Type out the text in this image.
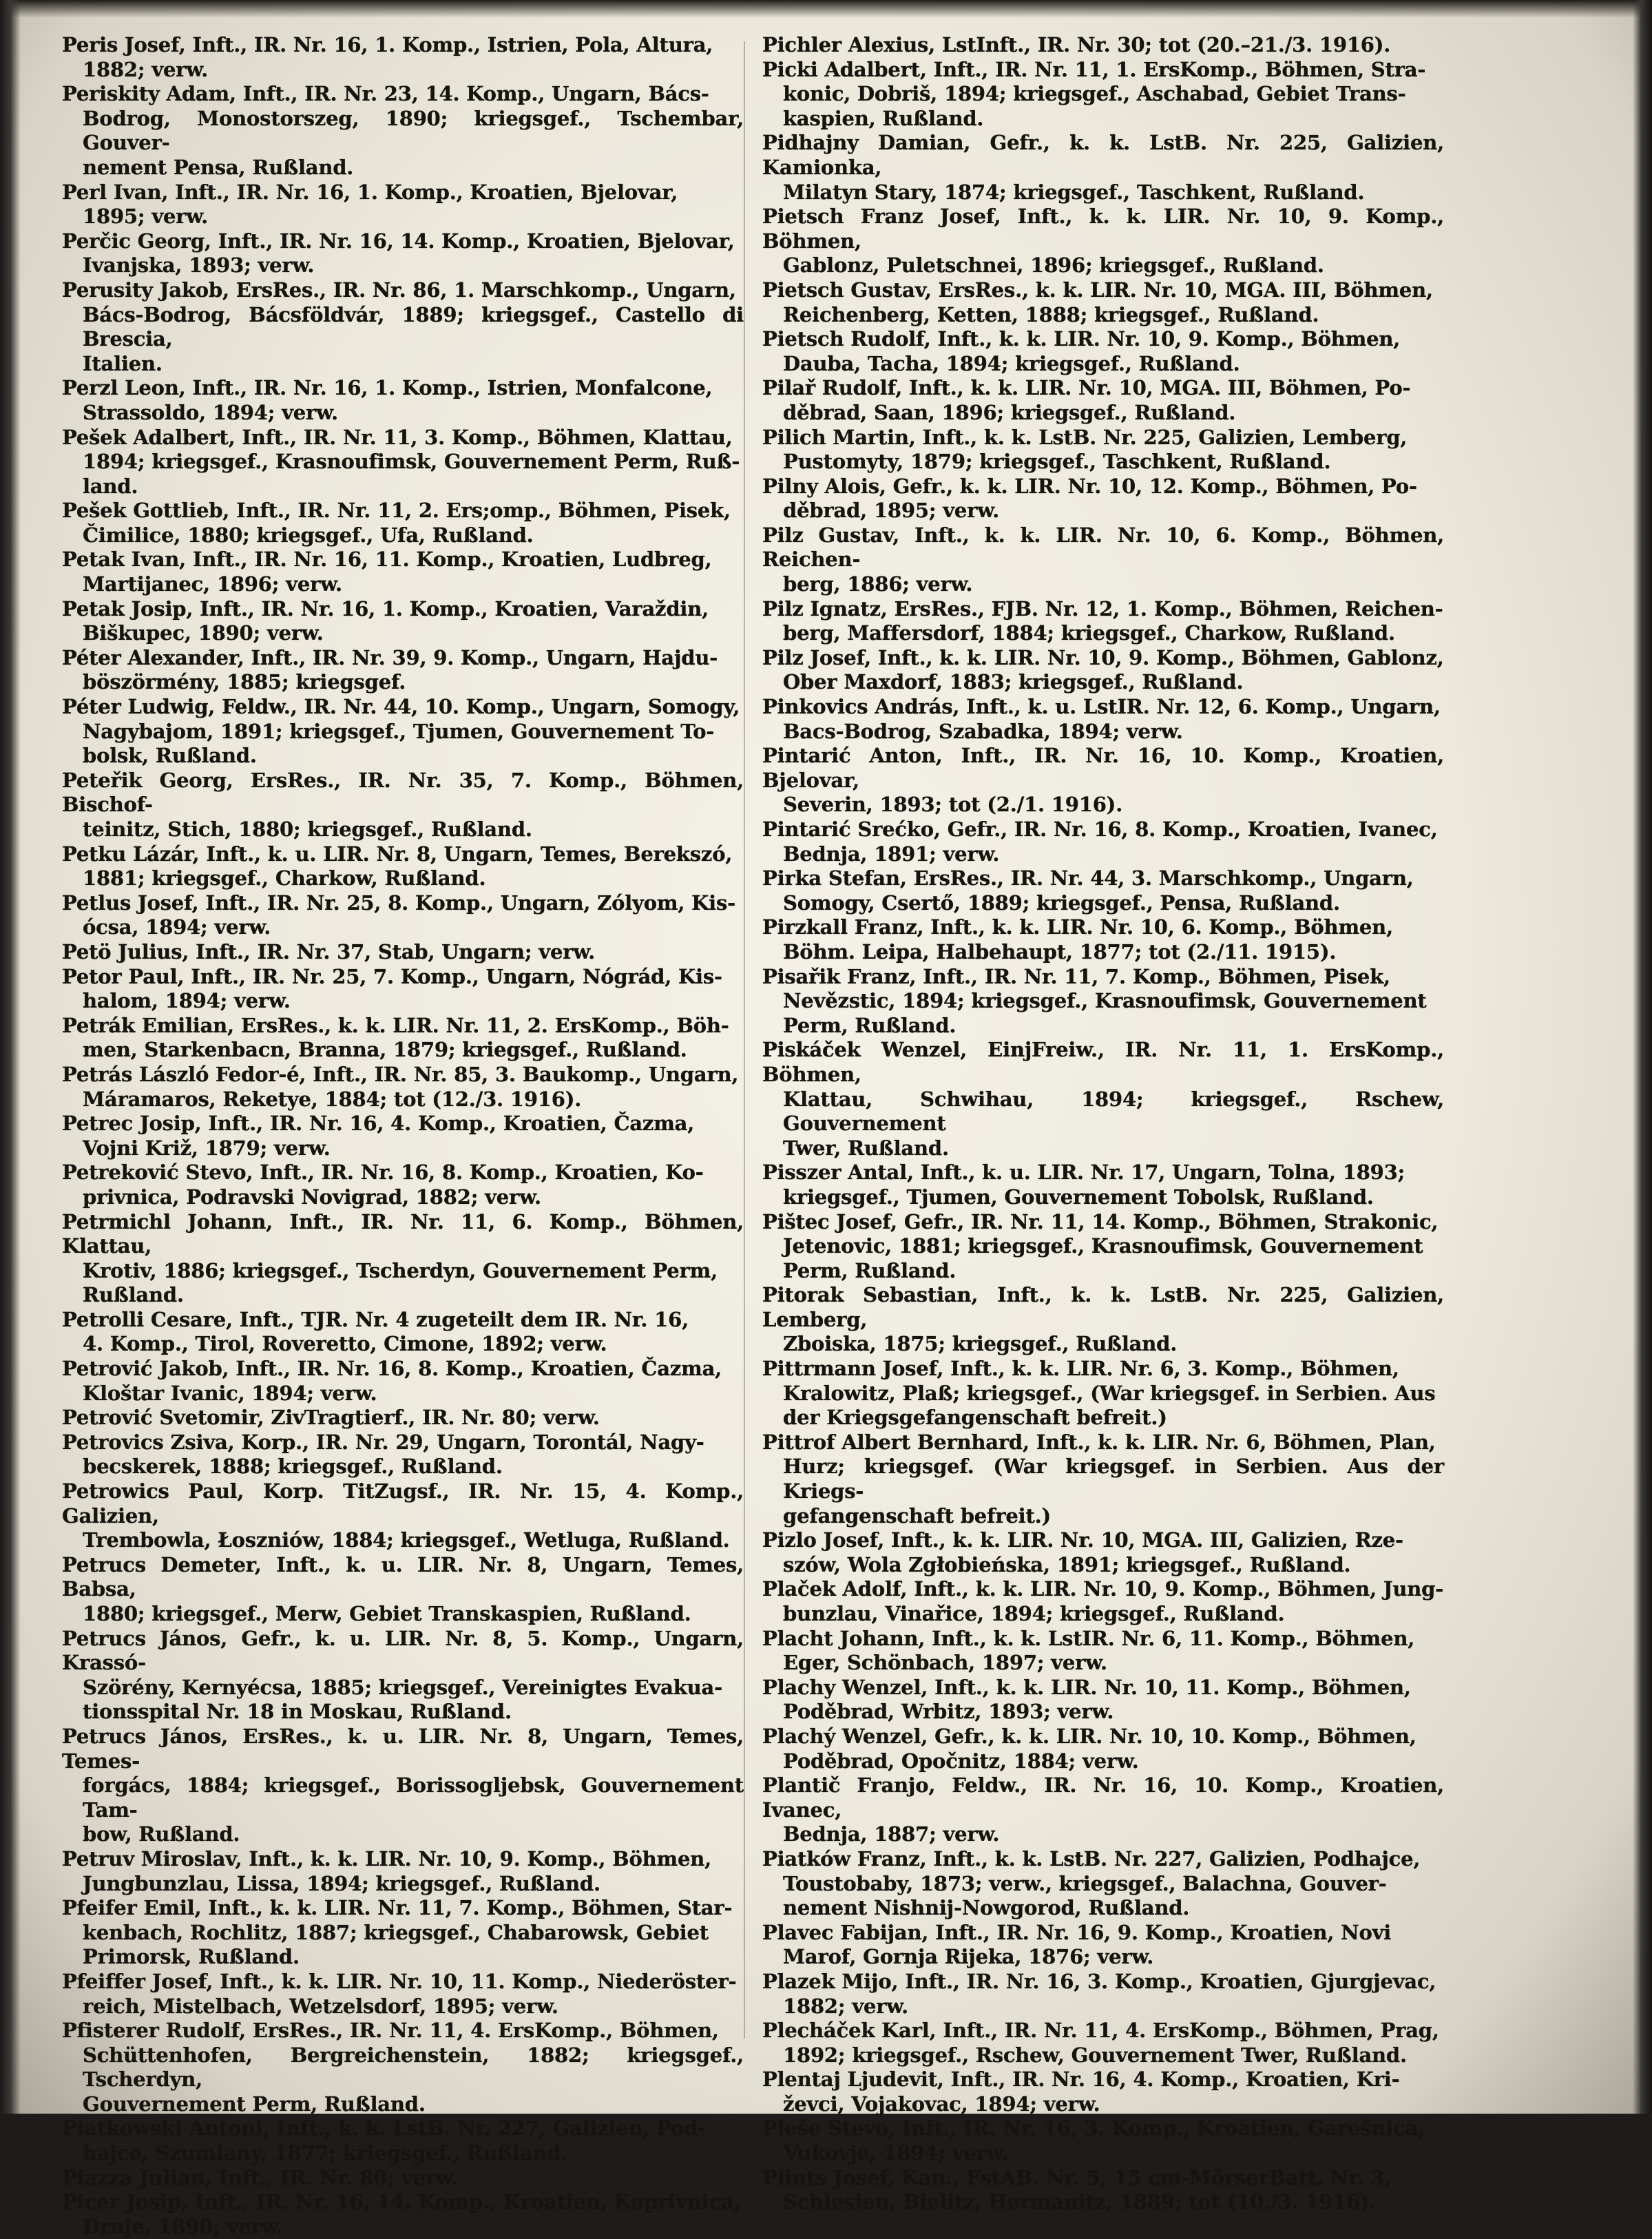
Peris Josef, Inft., IR. Nr. 16, 1. Komp., Istrien, Pola, Altura,
1882; verw.
Periskity Adam, Inft., IR. Nr. 23, 14. Komp., Ungarn, Bács-
Bodrog, Monostorszeg, 1890; kriegsgef., Tschembar, Gouver-
nement Pensa, Rußland.
Perl Ivan, Inft., IR. Nr. 16, 1. Komp., Kroatien, Bjelovar,
1895; verw.
Perčic Georg, Inft., IR. Nr. 16, 14. Komp., Kroatien, Bjelovar,
Ivanjska, 1893; verw.
Perusity Jakob, ErsRes., IR. Nr. 86, 1. Marschkomp., Ungarn,
Bács-Bodrog, Bácsföldvár, 1889; kriegsgef., Castello di Brescia,
Italien.
Perzl Leon, Inft., IR. Nr. 16, 1. Komp., Istrien, Monfalcone,
Strassoldo, 1894; verw.
Pešek Adalbert, Inft., IR. Nr. 11, 3. Komp., Böhmen, Klattau,
1894; kriegsgef., Krasnoufimsk, Gouvernement Perm, Ruß-
land.
Pešek Gottlieb, Inft., IR. Nr. 11, 2. Ers;omp., Böhmen, Pisek,
Čimilice, 1880; kriegsgef., Ufa, Rußland.
Petak Ivan, Inft., IR. Nr. 16, 11. Komp., Kroatien, Ludbreg,
Martijanec, 1896; verw.
Petak Josip, Inft., IR. Nr. 16, 1. Komp., Kroatien, Varaždin,
Biškupec, 1890; verw.
Péter Alexander, Inft., IR. Nr. 39, 9. Komp., Ungarn, Hajdu-
böszörmény, 1885; kriegsgef.
Péter Ludwig, Feldw., IR. Nr. 44, 10. Komp., Ungarn, Somogy,
Nagybajom, 1891; kriegsgef., Tjumen, Gouvernement To-
bolsk, Rußland.
Peteřik Georg, ErsRes., IR. Nr. 35, 7. Komp., Böhmen, Bischof-
teinitz, Stich, 1880; kriegsgef., Rußland.
Petku Lázár, Inft., k. u. LIR. Nr. 8, Ungarn, Temes, Berekszó,
1881; kriegsgef., Charkow, Rußland.
Petlus Josef, Inft., IR. Nr. 25, 8. Komp., Ungarn, Zólyom, Kis-
ócsa, 1894; verw.
Petö Julius, Inft., IR. Nr. 37, Stab, Ungarn; verw.
Petor Paul, Inft., IR. Nr. 25, 7. Komp., Ungarn, Nógrád, Kis-
halom, 1894; verw.
Petrák Emilian, ErsRes., k. k. LIR. Nr. 11, 2. ErsKomp., Böh-
men, Starkenbacn, Branna, 1879; kriegsgef., Rußland.
Petrás László Fedor-é, Inft., IR. Nr. 85, 3. Baukomp., Ungarn,
Máramaros, Reketye, 1884; tot (12./3. 1916).
Petrec Josip, Inft., IR. Nr. 16, 4. Komp., Kroatien, Čazma,
Vojni Križ, 1879; verw.
Petreković Stevo, Inft., IR. Nr. 16, 8. Komp., Kroatien, Ko-
privnica, Podravski Novigrad, 1882; verw.
Petrmichl Johann, Inft., IR. Nr. 11, 6. Komp., Böhmen, Klattau,
Krotiv, 1886; kriegsgef., Tscherdyn, Gouvernement Perm,
Rußland.
Petrolli Cesare, Inft., TJR. Nr. 4 zugeteilt dem IR. Nr. 16,
4. Komp., Tirol, Roveretto, Cimone, 1892; verw.
Petrović Jakob, Inft., IR. Nr. 16, 8. Komp., Kroatien, Čazma,
Kloštar Ivanic, 1894; verw.
Petrović Svetomir, ZivTragtierf., IR. Nr. 80; verw.
Petrovics Zsiva, Korp., IR. Nr. 29, Ungarn, Torontál, Nagy-
becskerek, 1888; kriegsgef., Rußland.
Petrowics Paul, Korp. TitZugsf., IR. Nr. 15, 4. Komp., Galizien,
Trembowla, Łoszniów, 1884; kriegsgef., Wetluga, Rußland.
Petrucs Demeter, Inft., k. u. LIR. Nr. 8, Ungarn, Temes, Babsa,
1880; kriegsgef., Merw, Gebiet Transkaspien, Rußland.
Petrucs János, Gefr., k. u. LIR. Nr. 8, 5. Komp., Ungarn, Krassó-
Szörény, Kernyécsa, 1885; kriegsgef., Vereinigtes Evakua-
tionsspital Nr. 18 in Moskau, Rußland.
Petrucs János, ErsRes., k. u. LIR. Nr. 8, Ungarn, Temes, Temes-
forgács, 1884; kriegsgef., Borissoglјebsk, Gouvernement Tam-
bow, Rußland.
Petruv Miroslav, Inft., k. k. LIR. Nr. 10, 9. Komp., Böhmen,
Jungbunzlau, Lissa, 1894; kriegsgef., Rußland.
Pfeifer Emil, Inft., k. k. LIR. Nr. 11, 7. Komp., Böhmen, Star-
kenbach, Rochlitz, 1887; kriegsgef., Chabarowsk, Gebiet
Primorsk, Rußland.
Pfeiffer Josef, Inft., k. k. LIR. Nr. 10, 11. Komp., Niederöster-
reich, Mistelbach, Wetzelsdorf, 1895; verw.
Pfisterer Rudolf, ErsRes., IR. Nr. 11, 4. ErsKomp., Böhmen,
Schüttenhofen, Bergreichenstein, 1882; kriegsgef., Tscherdyn,
Gouvernement Perm, Rußland.
Piatkowski Antoni, Inft., k. k. LstB. Nr. 227, Galizien, Pod-
hajce, Szumlany, 1877; kriegsgef., Rußland.
Piazza Julian, Inft., IR. Nr. 80; verw.
Picer Josip, Inft., IR. Nr. 16, 14. Komp., Kroatien, Koprivnica,
Drnje, 1890; verw.
Pichler Alexius, LstInft., IR. Nr. 30; tot (20.–21./3. 1916).
Picki Adalbert, Inft., IR. Nr. 11, 1. ErsKomp., Böhmen, Stra-
konic, Dobriš, 1894; kriegsgef., Aschabad, Gebiet Trans-
kaspien, Rußland.
Pidhajny Damian, Gefr., k. k. LstB. Nr. 225, Galizien, Kamionka,
Milatyn Stary, 1874; kriegsgef., Taschkent, Rußland.
Pietsch Franz Josef, Inft., k. k. LIR. Nr. 10, 9. Komp., Böhmen,
Gablonz, Puletschnei, 1896; kriegsgef., Rußland.
Pietsch Gustav, ErsRes., k. k. LIR. Nr. 10, MGA. III, Böhmen,
Reichenberg, Ketten, 1888; kriegsgef., Rußland.
Pietsch Rudolf, Inft., k. k. LIR. Nr. 10, 9. Komp., Böhmen,
Dauba, Tacha, 1894; kriegsgef., Rußland.
Pilař Rudolf, Inft., k. k. LIR. Nr. 10, MGA. III, Böhmen, Po-
děbrad, Saan, 1896; kriegsgef., Rußland.
Pilich Martin, Inft., k. k. LstB. Nr. 225, Galizien, Lemberg,
Pustomyty, 1879; kriegsgef., Taschkent, Rußland.
Pilny Alois, Gefr., k. k. LIR. Nr. 10, 12. Komp., Böhmen, Po-
děbrad, 1895; verw.
Pilz Gustav, Inft., k. k. LIR. Nr. 10, 6. Komp., Böhmen, Reichen-
berg, 1886; verw.
Pilz Ignatz, ErsRes., FJB. Nr. 12, 1. Komp., Böhmen, Reichen-
berg, Maffersdorf, 1884; kriegsgef., Charkow, Rußland.
Pilz Josef, Inft., k. k. LIR. Nr. 10, 9. Komp., Böhmen, Gablonz,
Ober Maxdorf, 1883; kriegsgef., Rußland.
Pinkovics András, Inft., k. u. LstIR. Nr. 12, 6. Komp., Ungarn,
Bacs-Bodrog, Szabadka, 1894; verw.
Pintarić Anton, Inft., IR. Nr. 16, 10. Komp., Kroatien, Bjelovar,
Severin, 1893; tot (2./1. 1916).
Pintarić Srećko, Gefr., IR. Nr. 16, 8. Komp., Kroatien, Ivanec,
Bednja, 1891; verw.
Pirka Stefan, ErsRes., IR. Nr. 44, 3. Marschkomp., Ungarn,
Somogy, Csertő, 1889; kriegsgef., Pensa, Rußland.
Pirzkall Franz, Inft., k. k. LIR. Nr. 10, 6. Komp., Böhmen,
Böhm. Leipa, Halbehaupt, 1877; tot (2./11. 1915).
Pisařik Franz, Inft., IR. Nr. 11, 7. Komp., Böhmen, Pisek,
Nevězstic, 1894; kriegsgef., Krasnoufimsk, Gouvernement
Perm, Rußland.
Piskáček Wenzel, EinjFreiw., IR. Nr. 11, 1. ErsKomp., Böhmen,
Klattau, Schwihau, 1894; kriegsgef., Rschew, Gouvernement
Twer, Rußland.
Pisszer Antal, Inft., k. u. LIR. Nr. 17, Ungarn, Tolna, 1893;
kriegsgef., Tjumen, Gouvernement Tobolsk, Rußland.
Pištec Josef, Gefr., IR. Nr. 11, 14. Komp., Böhmen, Strakonic,
Jetenovic, 1881; kriegsgef., Krasnoufimsk, Gouvernement
Perm, Rußland.
Pitorak Sebastian, Inft., k. k. LstB. Nr. 225, Galizien, Lemberg,
Zboiska, 1875; kriegsgef., Rußland.
Pittrmann Josef, Inft., k. k. LIR. Nr. 6, 3. Komp., Böhmen,
Kralowitz, Plaß; kriegsgef., (War kriegsgef. in Serbien. Aus
der Kriegsgefangenschaft befreit.)
Pittrof Albert Bernhard, Inft., k. k. LIR. Nr. 6, Böhmen, Plan,
Hurz; kriegsgef. (War kriegsgef. in Serbien. Aus der Kriegs-
gefangenschaft befreit.)
Pizlo Josef, Inft., k. k. LIR. Nr. 10, MGA. III, Galizien, Rze-
szów, Wola Zgłobieńska, 1891; kriegsgef., Rußland.
Plaček Adolf, Inft., k. k. LIR. Nr. 10, 9. Komp., Böhmen, Jung-
bunzlau, Vinařice, 1894; kriegsgef., Rußland.
Placht Johann, Inft., k. k. LstIR. Nr. 6, 11. Komp., Böhmen,
Eger, Schönbach, 1897; verw.
Plachy Wenzel, Inft., k. k. LIR. Nr. 10, 11. Komp., Böhmen,
Poděbrad, Wrbitz, 1893; verw.
Plachý Wenzel, Gefr., k. k. LIR. Nr. 10, 10. Komp., Böhmen,
Poděbrad, Opočnitz, 1884; verw.
Plantič Franjo, Feldw., IR. Nr. 16, 10. Komp., Kroatien, Ivanec,
Bednja, 1887; verw.
Piatków Franz, Inft., k. k. LstB. Nr. 227, Galizien, Podhajce,
Toustobaby, 1873; verw., kriegsgef., Balachna, Gouver-
nement Nishnij-Nowgorod, Rußland.
Plavec Fabijan, Inft., IR. Nr. 16, 9. Komp., Kroatien, Novi
Marof, Gornja Rijeka, 1876; verw.
Plazek Mijo, Inft., IR. Nr. 16, 3. Komp., Kroatien, Gjurgjevac,
1882; verw.
Plecháček Karl, Inft., IR. Nr. 11, 4. ErsKomp., Böhmen, Prag,
1892; kriegsgef., Rschew, Gouvernement Twer, Rußland.
Plentaj Ljudevit, Inft., IR. Nr. 16, 4. Komp., Kroatien, Kri-
ževci, Vojakovac, 1894; verw.
Pleše Stevo, Inft., IR. Nr. 16, 3. Komp., Kroatien, Garešnica,
Vukovje, 1894; verw.
Plints Josef, Kan., FstAB. Nr. 5, 15 cm-MörserBatt. Nr. 3,
Schlesien, Bielitz, Hermanitz, 1889; tot (10./3. 1916).
